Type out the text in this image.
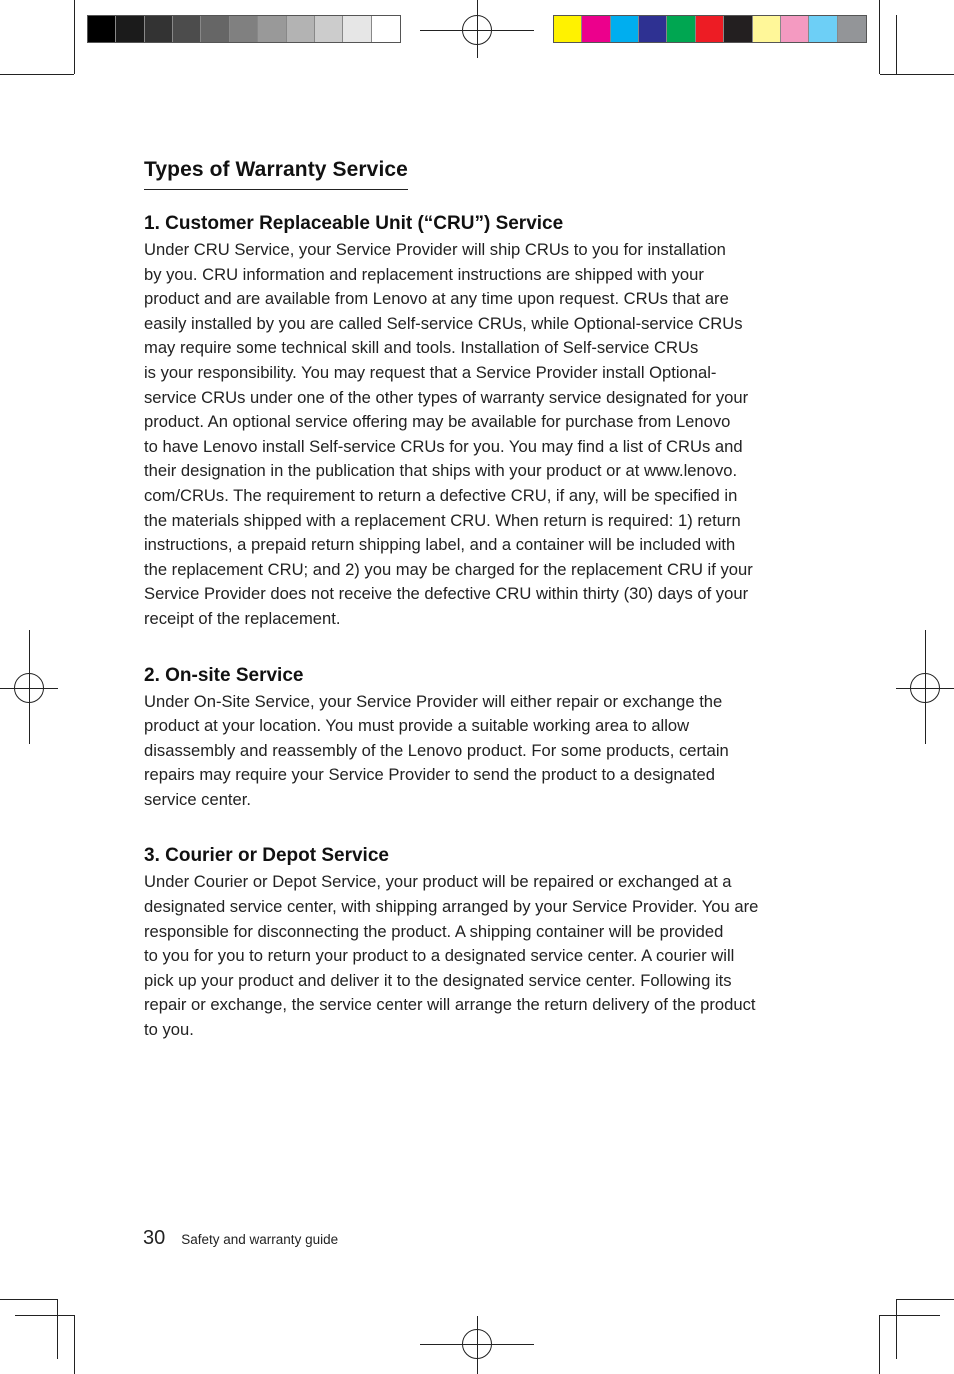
Types of Warranty Service
1. Customer Replaceable Unit (“CRU”) Service

Under CRU Service, your Service Provider will ship CRUs to you for installation
by you. CRU information and replacement instructions are shipped with your
product and are available from Lenovo at any time upon request. CRUs that are
easily installed by you are called Self-service CRUs, while Optional-service CRUs
may require some technical skill and tools. Installation of Self-service CRUs
is your responsibility. You may request that a Service Provider install Optional-
service CRUs under one of the other types of warranty service designated for your
product. An optional service offering may be available for purchase from Lenovo
to have Lenovo install Self-service CRUs for you. You may find a list of CRUs and
their designation in the publication that ships with your product or at www.lenovo.
com/CRUs. The requirement to return a defective CRU, if any, will be specified in
the materials shipped with a replacement CRU. When return is required: 1) return
instructions, a prepaid return shipping label, and a container will be included with
the replacement CRU; and 2) you may be charged for the replacement CRU if your
Service Provider does not receive the defective CRU within thirty (30) days of your
receipt of the replacement.

2. On-site Service

Under On-Site Service, your Service Provider will either repair or exchange the
product at your location. You must provide a suitable working area to allow
disassembly and reassembly of the Lenovo product. For some products, certain
repairs may require your Service Provider to send the product to a designated
service center.

3. Courier or Depot Service

Under Courier or Depot Service, your product will be repaired or exchanged at a
designated service center, with shipping arranged by your Service Provider. You are
responsible for disconnecting the product. A shipping container will be provided
to you for you to return your product to a designated service center. A courier will
pick up your product and deliver it to the designated service center. Following its
repair or exchange, the service center will arrange the return delivery of the product
to you.

30 Safety and warranty guide
